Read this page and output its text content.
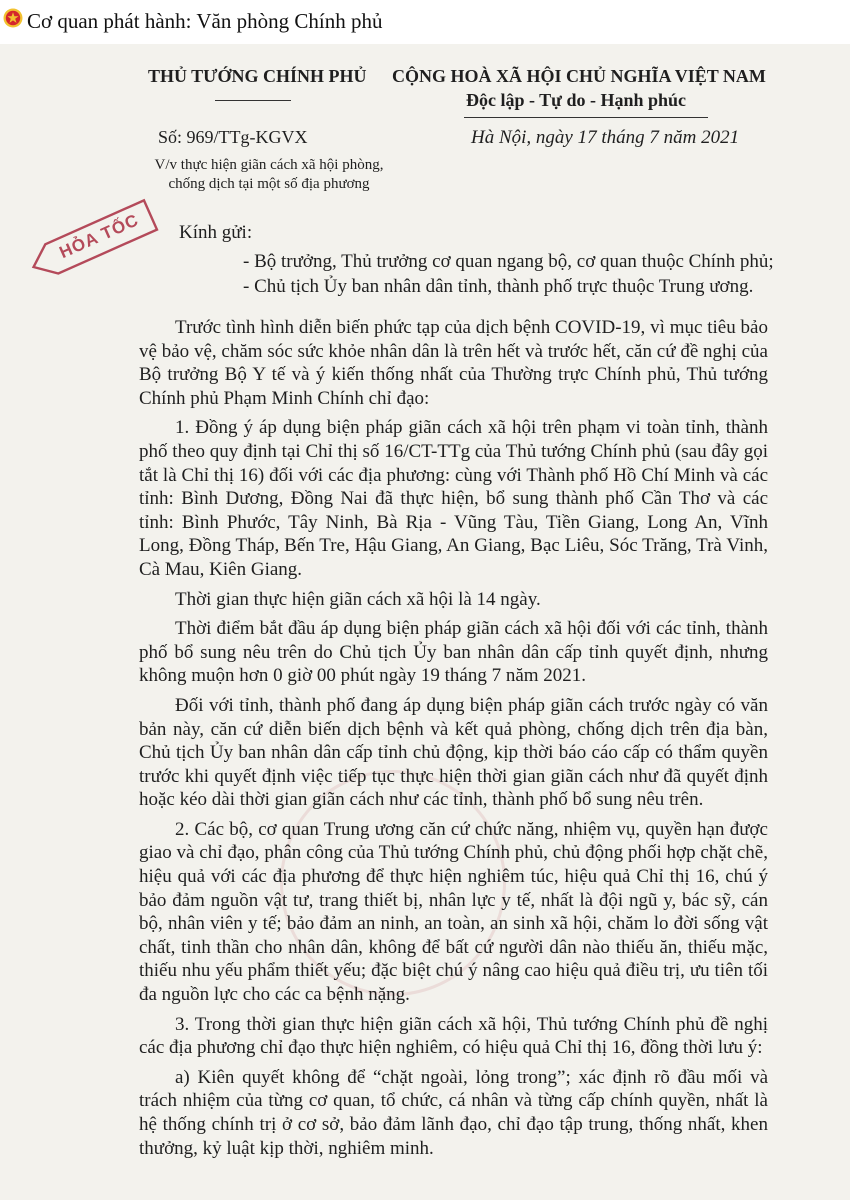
Cơ quan phát hành: Văn phòng Chính phủ
THỦ TƯỚNG CHÍNH PHỦ CỘNG HOÀ XÃ HỘI CHỦ NGHĨA VIỆT NAM
Độc lập - Tự do - Hạnh phúc
Số: 969/TTg-KGVX	Hà Nội, ngày 17 tháng 7 năm 2021
V/v thực hiện giãn cách xã hội phòng,
chống dịch tại một số địa phương
HỎA TỐC Kính gửi:
- Bộ trưởng, Thủ trưởng cơ quan ngang bộ, cơ quan thuộc Chính phủ;
- Chủ tịch Ủy ban nhân dân tỉnh, thành phố trực thuộc Trung ương.

Trước tình hình diễn biến phức tạp của dịch bệnh COVID-19, vì mục tiêu bảo vệ bảo vệ, chăm sóc sức khỏe nhân dân là trên hết và trước hết, căn cứ đề nghị của Bộ trưởng Bộ Y tế và ý kiến thống nhất của Thường trực Chính phủ, Thủ tướng Chính phủ Phạm Minh Chính chỉ đạo:

1. Đồng ý áp dụng biện pháp giãn cách xã hội trên phạm vi toàn tỉnh, thành phố theo quy định tại Chỉ thị số 16/CT-TTg của Thủ tướng Chính phủ (sau đây gọi tắt là Chỉ thị 16) đối với các địa phương: cùng với Thành phố Hồ Chí Minh và các tỉnh: Bình Dương, Đồng Nai đã thực hiện, bổ sung thành phố Cần Thơ và các tỉnh: Bình Phước, Tây Ninh, Bà Rịa - Vũng Tàu, Tiền Giang, Long An, Vĩnh Long, Đồng Tháp, Bến Tre, Hậu Giang, An Giang, Bạc Liêu, Sóc Trăng, Trà Vinh, Cà Mau, Kiên Giang.

Thời gian thực hiện giãn cách xã hội là 14 ngày.

Thời điểm bắt đầu áp dụng biện pháp giãn cách xã hội đối với các tỉnh, thành phố bổ sung nêu trên do Chủ tịch Ủy ban nhân dân cấp tỉnh quyết định, nhưng không muộn hơn 0 giờ 00 phút ngày 19 tháng 7 năm 2021.

Đối với tỉnh, thành phố đang áp dụng biện pháp giãn cách trước ngày có văn bản này, căn cứ diễn biến dịch bệnh và kết quả phòng, chống dịch trên địa bàn, Chủ tịch Ủy ban nhân dân cấp tỉnh chủ động, kịp thời báo cáo cấp có thẩm quyền trước khi quyết định việc tiếp tục thực hiện thời gian giãn cách như đã quyết định hoặc kéo dài thời gian giãn cách như các tỉnh, thành phố bổ sung nêu trên.

2. Các bộ, cơ quan Trung ương căn cứ chức năng, nhiệm vụ, quyền hạn được giao và chỉ đạo, phân công của Thủ tướng Chính phủ, chủ động phối hợp chặt chẽ, hiệu quả với các địa phương để thực hiện nghiêm túc, hiệu quả Chỉ thị 16, chú ý bảo đảm nguồn vật tư, trang thiết bị, nhân lực y tế, nhất là đội ngũ y, bác sỹ, cán bộ, nhân viên y tế; bảo đảm an ninh, an toàn, an sinh xã hội, chăm lo đời sống vật chất, tinh thần cho nhân dân, không để bất cứ người dân nào thiếu ăn, thiếu mặc, thiếu nhu yếu phẩm thiết yếu; đặc biệt chú ý nâng cao hiệu quả điều trị, ưu tiên tối đa nguồn lực cho các ca bệnh nặng.

3. Trong thời gian thực hiện giãn cách xã hội, Thủ tướng Chính phủ đề nghị các địa phương chỉ đạo thực hiện nghiêm, có hiệu quả Chỉ thị 16, đồng thời lưu ý:

a) Kiên quyết không để “chặt ngoài, lỏng trong”; xác định rõ đầu mối và trách nhiệm của từng cơ quan, tổ chức, cá nhân và từng cấp chính quyền, nhất là hệ thống chính trị ở cơ sở, bảo đảm lãnh đạo, chỉ đạo tập trung, thống nhất, khen thưởng, kỷ luật kịp thời, nghiêm minh.
